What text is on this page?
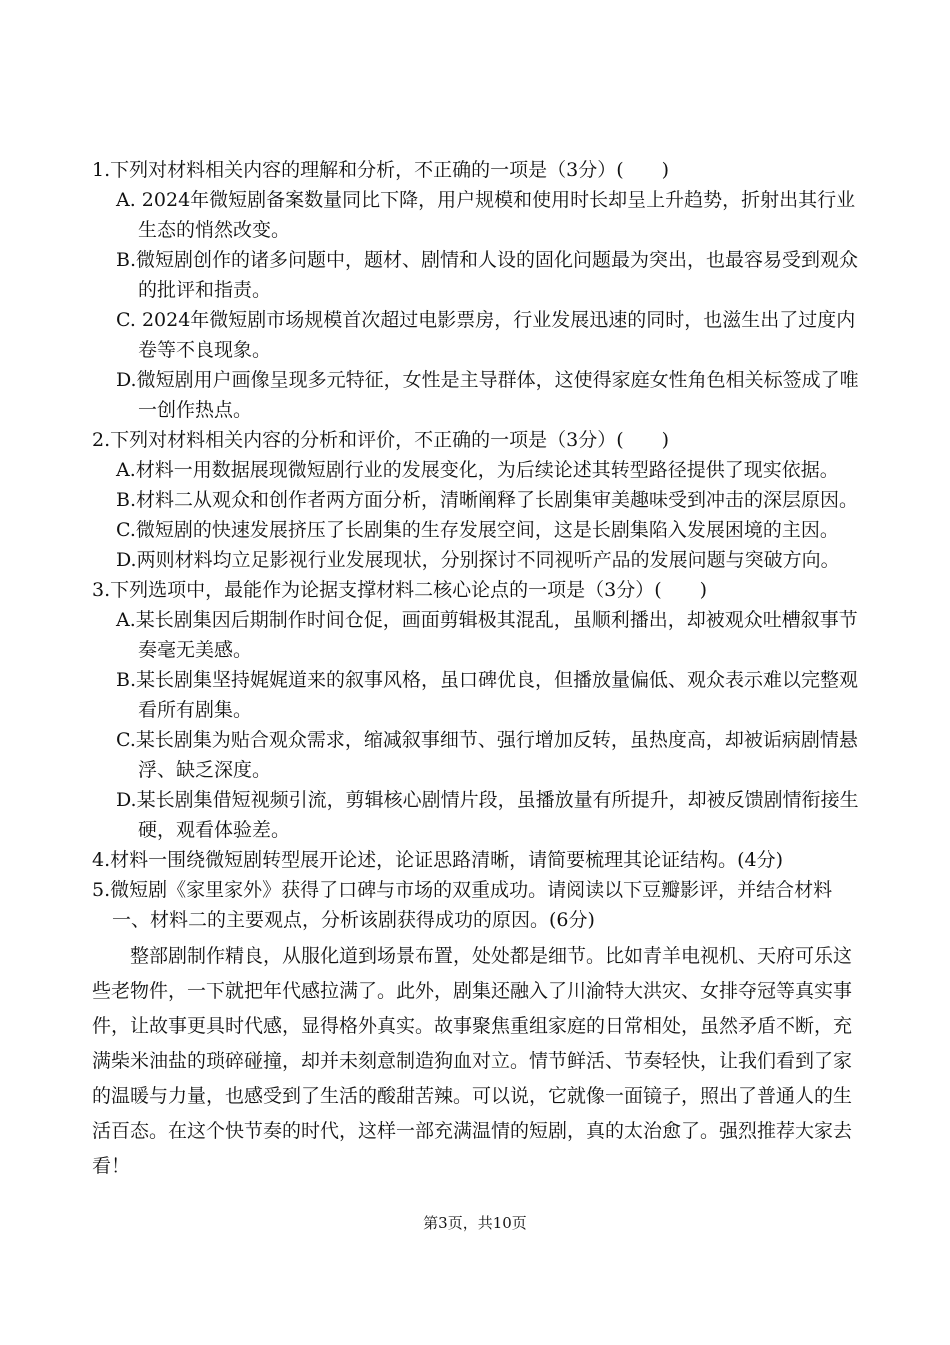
1.下列对材料相关内容的理解和分析，不正确的一项是（3分）(　　)

A. 2024年微短剧备案数量同比下降，用户规模和使用时长却呈上升趋势，折射出其行业生态的悄然改变。

B.微短剧创作的诸多问题中，题材、剧情和人设的固化问题最为突出，也最容易受到观众的批评和指责。

C. 2024年微短剧市场规模首次超过电影票房，行业发展迅速的同时，也滋生出了过度内卷等不良现象。

D.微短剧用户画像呈现多元特征，女性是主导群体，这使得家庭女性角色相关标签成了唯一创作热点。

2.下列对材料相关内容的分析和评价，不正确的一项是（3分）(　　)

A.材料一用数据展现微短剧行业的发展变化，为后续论述其转型路径提供了现实依据。

B.材料二从观众和创作者两方面分析，清晰阐释了长剧集审美趣味受到冲击的深层原因。

C.微短剧的快速发展挤压了长剧集的生存发展空间，这是长剧集陷入发展困境的主因。

D.两则材料均立足影视行业发展现状，分别探讨不同视听产品的发展问题与突破方向。

3.下列选项中，最能作为论据支撑材料二核心论点的一项是（3分）(　　)

A.某长剧集因后期制作时间仓促，画面剪辑极其混乱，虽顺利播出，却被观众吐槽叙事节奏毫无美感。

B.某长剧集坚持娓娓道来的叙事风格，虽口碑优良，但播放量偏低、观众表示难以完整观看所有剧集。

C.某长剧集为贴合观众需求，缩减叙事细节、强行增加反转，虽热度高，却被诟病剧情悬浮、缺乏深度。

D.某长剧集借短视频引流，剪辑核心剧情片段，虽播放量有所提升，却被反馈剧情衔接生硬，观看体验差。

4.材料一围绕微短剧转型展开论述，论证思路清晰，请简要梳理其论证结构。(4分)

5.微短剧《家里家外》获得了口碑与市场的双重成功。请阅读以下豆瓣影评，并结合材料一、材料二的主要观点，分析该剧获得成功的原因。(6分)

整部剧制作精良，从服化道到场景布置，处处都是细节。比如青羊电视机、天府可乐这些老物件，一下就把年代感拉满了。此外，剧集还融入了川渝特大洪灾、女排夺冠等真实事件，让故事更具时代感，显得格外真实。故事聚焦重组家庭的日常相处，虽然矛盾不断，充满柴米油盐的琐碎碰撞，却并未刻意制造狗血对立。情节鲜活、节奏轻快，让我们看到了家的温暖与力量，也感受到了生活的酸甜苦辣。可以说，它就像一面镜子，照出了普通人的生活百态。在这个快节奏的时代，这样一部充满温情的短剧，真的太治愈了。强烈推荐大家去看！

第3页，共10页
